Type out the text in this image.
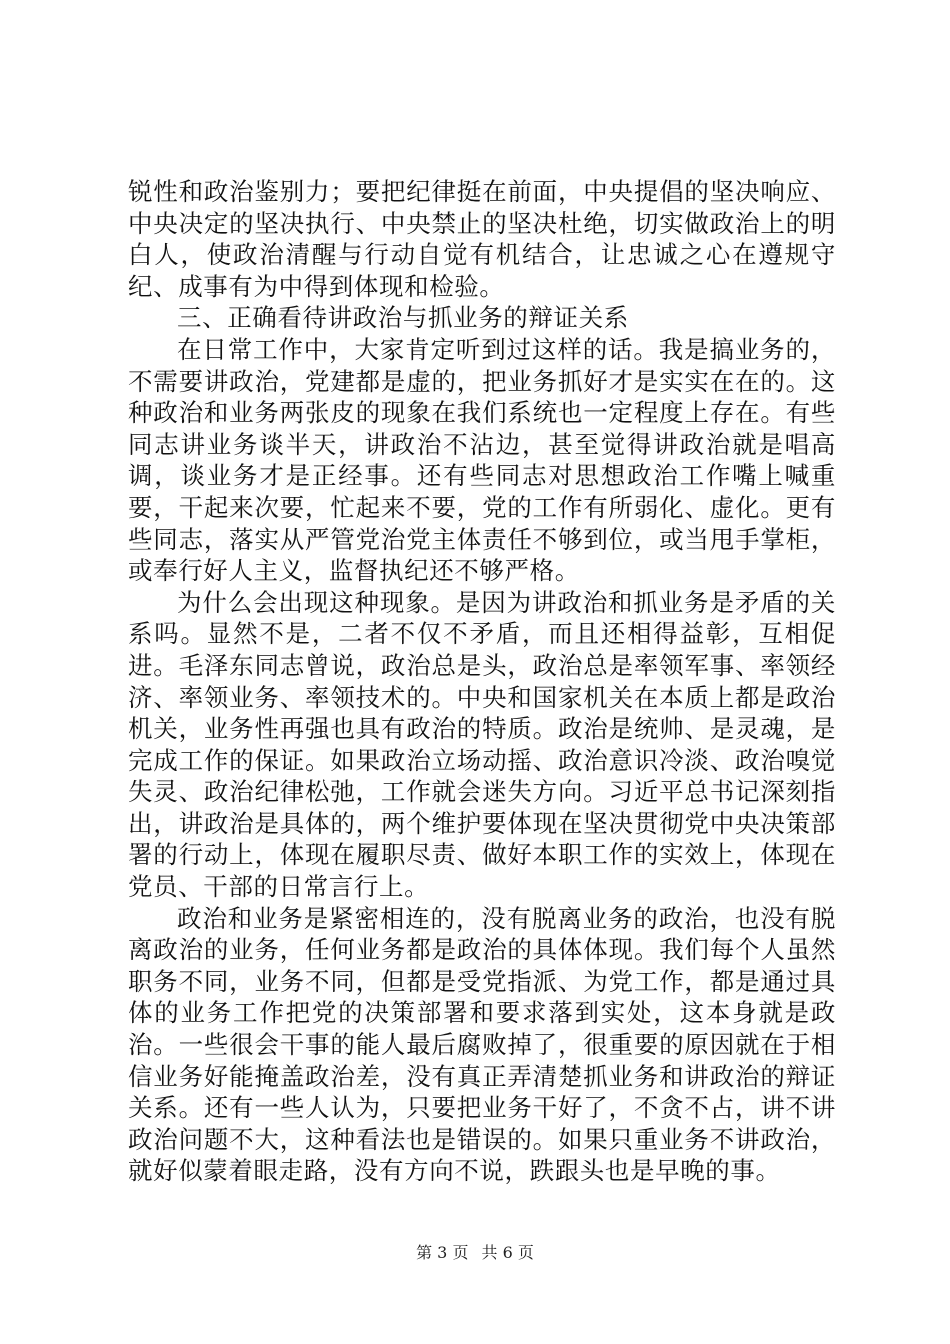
锐性和政治鉴别力；要把纪律挺在前面，中央提倡的坚决响应、中央决定的坚决执行、中央禁止的坚决杜绝，切实做政治上的明白人，使政治清醒与行动自觉有机结合，让忠诚之心在遵规守纪、成事有为中得到体现和检验。

三、正确看待讲政治与抓业务的辩证关系

在日常工作中，大家肯定听到过这样的话。我是搞业务的，不需要讲政治，党建都是虚的，把业务抓好才是实实在在的。这种政治和业务两张皮的现象在我们系统也一定程度上存在。有些同志讲业务谈半天，讲政治不沾边，甚至觉得讲政治就是唱高调，谈业务才是正经事。还有些同志对思想政治工作嘴上喊重要，干起来次要，忙起来不要，党的工作有所弱化、虚化。更有些同志，落实从严管党治党主体责任不够到位，或当甩手掌柜，或奉行好人主义，监督执纪还不够严格。

为什么会出现这种现象。是因为讲政治和抓业务是矛盾的关系吗。显然不是，二者不仅不矛盾，而且还相得益彰，互相促进。毛泽东同志曾说，政治总是头，政治总是率领军事、率领经济、率领业务、率领技术的。中央和国家机关在本质上都是政治机关，业务性再强也具有政治的特质。政治是统帅、是灵魂，是完成工作的保证。如果政治立场动摇、政治意识冷淡、政治嗅觉失灵、政治纪律松弛，工作就会迷失方向。习近平总书记深刻指出，讲政治是具体的，两个维护要体现在坚决贯彻党中央决策部署的行动上，体现在履职尽责、做好本职工作的实效上，体现在党员、干部的日常言行上。

政治和业务是紧密相连的，没有脱离业务的政治，也没有脱离政治的业务，任何业务都是政治的具体体现。我们每个人虽然职务不同，业务不同，但都是受党指派、为党工作，都是通过具体的业务工作把党的决策部署和要求落到实处，这本身就是政治。一些很会干事的能人最后腐败掉了，很重要的原因就在于相信业务好能掩盖政治差，没有真正弄清楚抓业务和讲政治的辩证关系。还有一些人认为，只要把业务干好了，不贪不占，讲不讲政治问题不大，这种看法也是错误的。如果只重业务不讲政治，就好似蒙着眼走路，没有方向不说，跌跟头也是早晚的事。

第 3 页 共 6 页
